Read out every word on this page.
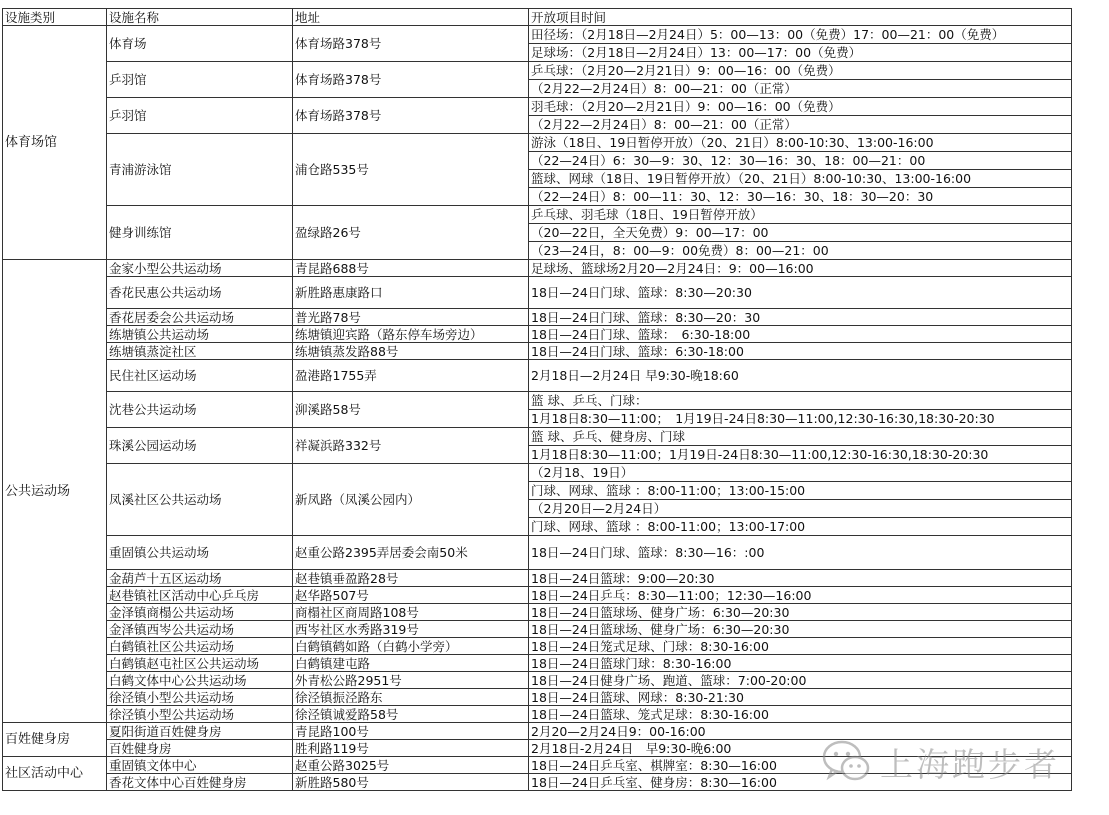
设施类别	设施名称	地址	开放项目时间
体育场馆	体育场	体育场路378号	田径场：（2月18日—2月24日）5：00—13：00（免费）17：00—21：00（免费）
			足球场：（2月18日—2月24日）13：00—17：00（免费）
	乒羽馆	体育场路378号	乒乓球：（2月20—2月21日）9：00—16：00（免费）
			（2月22—2月24日）8：00—21：00（正常）
	乒羽馆	体育场路378号	羽毛球：（2月20—2月21日）9：00—16：00（免费）
			（2月22—2月24日）8：00—21：00（正常）
	青浦游泳馆	浦仓路535号	游泳（18日、19日暂停开放）（20、21日）8:00-10:30、13:00-16:00
			（22—24日）6：30—9：30、12：30—16：30、18：00—21：00
			篮球、网球（18日、19日暂停开放）（20、21日）8:00-10:30、13:00-16:00
			（22—24日）8：00—11：30、12：30—16：30、18：30—20：30
	健身训练馆	盈绿路26号	乒乓球、羽毛球（18日、19日暂停开放）
			（20—22日，全天免费）9：00—17：00
			（23—24日，8：00—9：00免费）8：00—21：00
公共运动场	金家小型公共运动场	青昆路688号	足球场、篮球场2月20—2月24日：9：00—16:00
	香花民惠公共运动场	新胜路惠康路口	18日—24日门球、篮球：8:30—20:30
	香花居委会公共运动场	普光路78号	18日—24日门球、篮球：8:30—20：30
	练塘镇公共运动场	练塘镇迎宾路（路东停车场旁边）	18日—24日门球、篮球：　6:30-18:00
	练塘镇蒸淀社区	练塘镇蒸发路88号	18日—24日门球、篮球：6:30-18:00
	民住社区运动场	盈港路1755弄	2月18日—2月24日 早9:30-晚18:60
	沈巷公共运动场	泖溪路58号	篮 球、乒乓、门球：
			1月18日8:30—11:00；　1月19日-24日8:30—11:00,12:30-16:30,18:30-20:30
	珠溪公园运动场	祥凝浜路332号	篮 球、乒乓、健身房、门球
			1月18日8:30—11:00；1月19日-24日8:30—11:00,12:30-16:30,18:30-20:30
	凤溪社区公共运动场	新凤路（凤溪公园内）	（2月18、19日）
			门球、网球、篮球 ：8:00-11:00；13:00-15:00
			（2月20日—2月24日）
			门球、网球、篮球 ：8:00-11:00；13:00-17:00
	重固镇公共运动场	赵重公路2395弄居委会南50米	18日—24日门球、篮球：8:30—16：:00
	金葫芦十五区运动场	赵巷镇垂盈路28号	18日—24日篮球：9:00—20:30
	赵巷镇社区活动中心乒乓房	赵华路507号	18日—24日乒乓：8:30—11:00；12:30—16:00
	金泽镇商榻公共运动场	商榻社区商周路108号	18日—24日篮球场、健身广场：6:30—20:30
	金泽镇西岑公共运动场	西岑社区水秀路319号	18日—24日篮球场、健身广场：6:30—20:30
	白鹤镇社区公共运动场	白鹤镇鹤如路（白鹤小学旁）	18日—24日笼式足球、门球：8:30-16:00
	白鹤镇赵屯社区公共运动场	白鹤镇建屯路	18日—24日篮球门球：8:30-16:00
	白鹤文体中心公共运动场	外青松公路2951号	18日—24日健身广场、跑道、篮球：7:00-20:00
	徐泾镇小型公共运动场	徐泾镇振泾路东	18日—24日篮球、网球：8:30-21:30
	徐泾镇小型公共运动场	徐泾镇诚爱路58号	18日—24日篮球、笼式足球：8:30-16:00
百姓健身房	夏阳街道百姓健身房	青昆路100号	2月20—2月24日9：00-16:00
	百姓健身房	胜利路119号	2月18日-2月24日　早9:30-晚6:00
社区活动中心	重固镇文体中心	赵重公路3025号	18日—24日乒乓室、棋牌室：8:30—16:00
	香花文体中心百姓健身房	新胜路580号	18日—24日乒乓室、健身房：8:30—16:00	上海跑步者
